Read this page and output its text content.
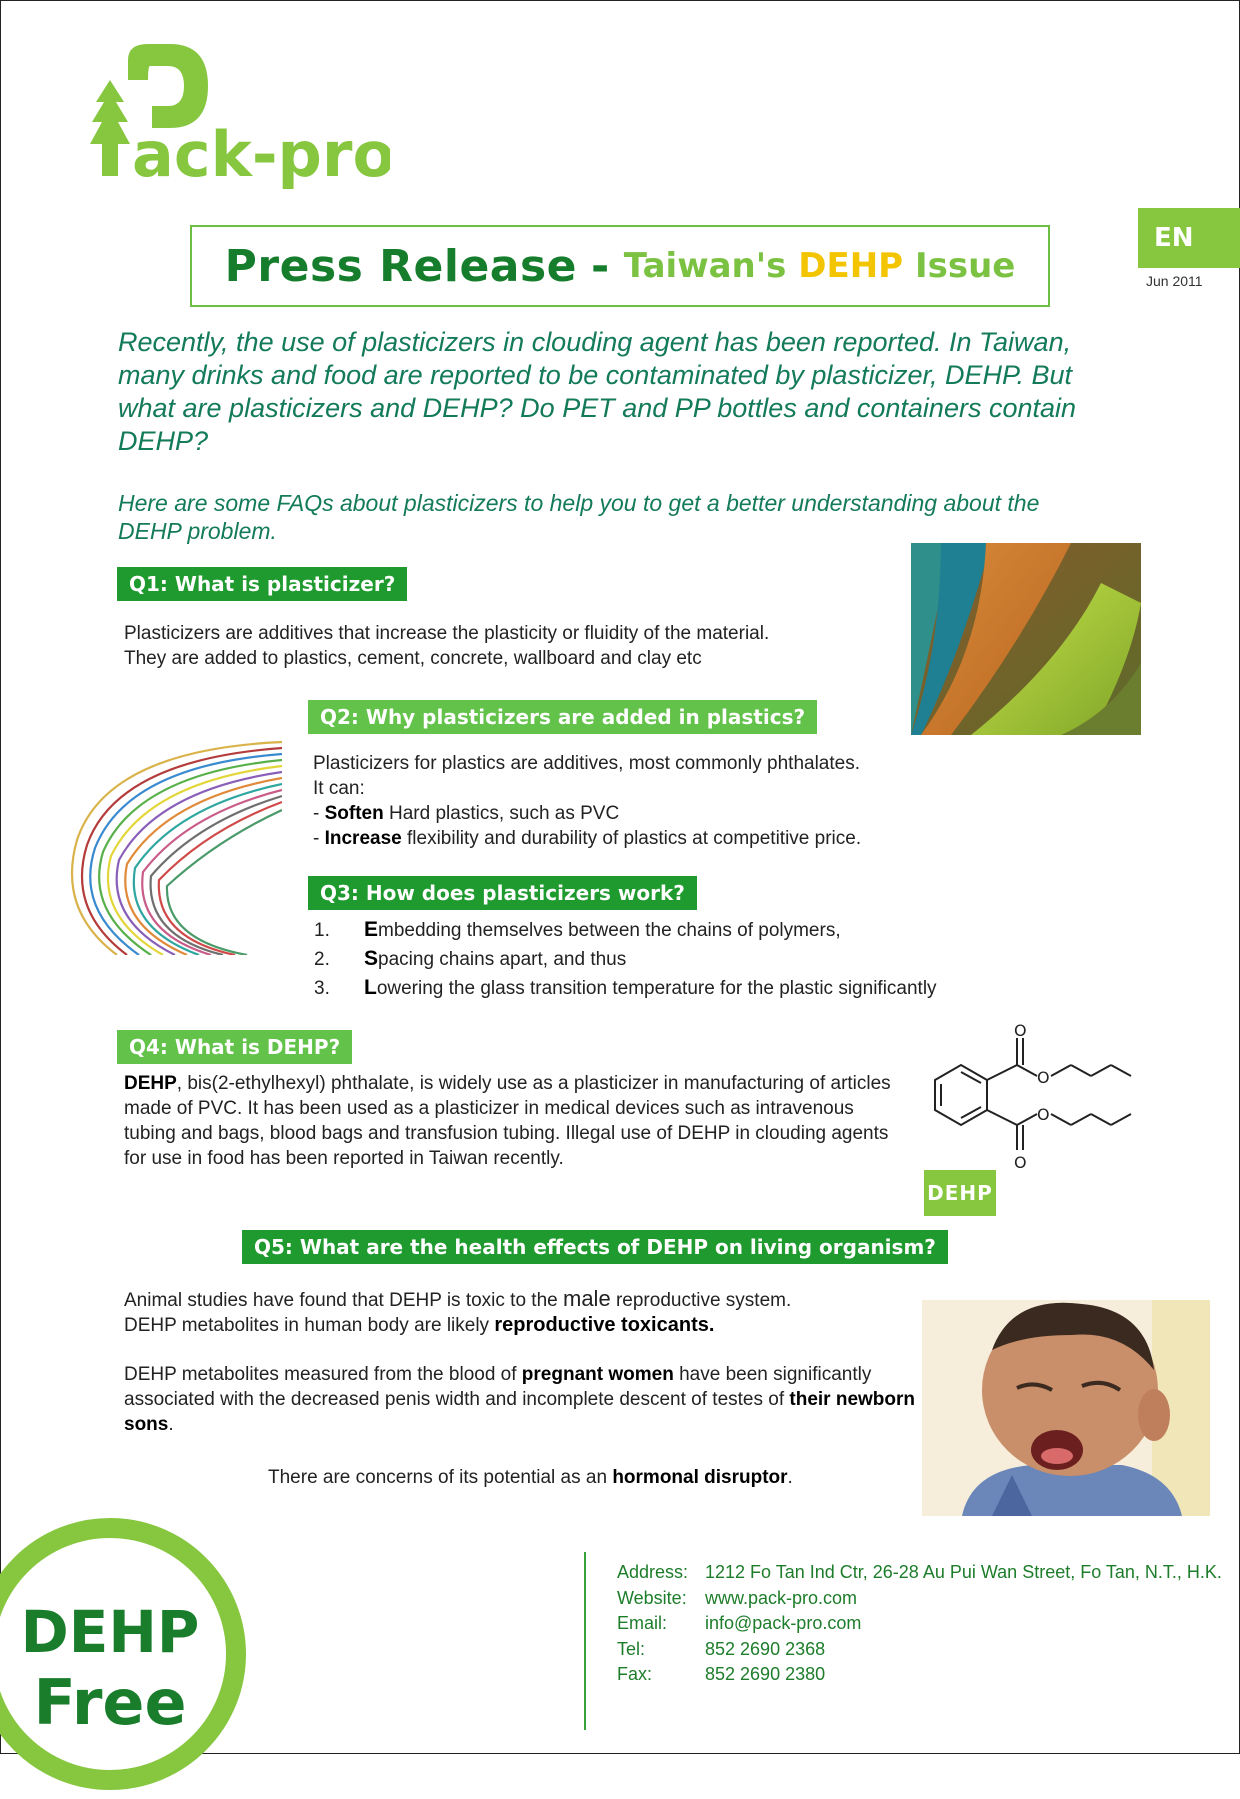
ack-pro
Press Release - Taiwan's DEHP Issue
EN
Jun 2011

Recently, the use of plasticizers in clouding agent has been reported. In Taiwan, many drinks and food are reported to be contaminated by plasticizer, DEHP. But what are plasticizers and DEHP? Do PET and PP bottles and containers contain DEHP?

Here are some FAQs about plasticizers to help you to get a better understanding about the DEHP problem.

Q1: What is plasticizer?
Plasticizers are additives that increase the plasticity or fluidity of the material.
They are added to plastics, cement, concrete, wallboard and clay etc
Q2: Why plasticizers are added in plastics?
Plasticizers for plastics are additives, most commonly phthalates.
It can:
- Soften Hard plastics, such as PVC
- Increase flexibility and durability of plastics at competitive price.
Q3: How does plasticizers work?
1. Embedding themselves between the chains of polymers,
2. Spacing chains apart, and thus
3. Lowering the glass transition temperature for the plastic significantly
Q4: What is DEHP?

DEHP, bis(2-ethylhexyl) phthalate, is widely use as a plasticizer in manufacturing of articles made of PVC. It has been used as a plasticizer in medical devices such as intravenous tubing and bags, blood bags and transfusion tubing. Illegal use of DEHP in clouding agents for use in food has been reported in Taiwan recently.

O
O
O
O
DEHP
Q5: What are the health effects of DEHP on living organism?
Animal studies have found that DEHP is toxic to the male reproductive system.
DEHP metabolites in human body are likely reproductive toxicants.
DEHP metabolites measured from the blood of pregnant women have been significantly associated with the decreased penis width and incomplete descent of testes of their newborn sons.
There are concerns of its potential as an hormonal disruptor.
Address: 1212 Fo Tan Ind Ctr, 26-28 Au Pui Wan Street, Fo Tan, N.T., H.K.
Website:	www.pack-pro.com
Email:	info@pack-pro.com
Tel:	852 2690 2368
Fax:	852 2690 2380
DEHP
Free
